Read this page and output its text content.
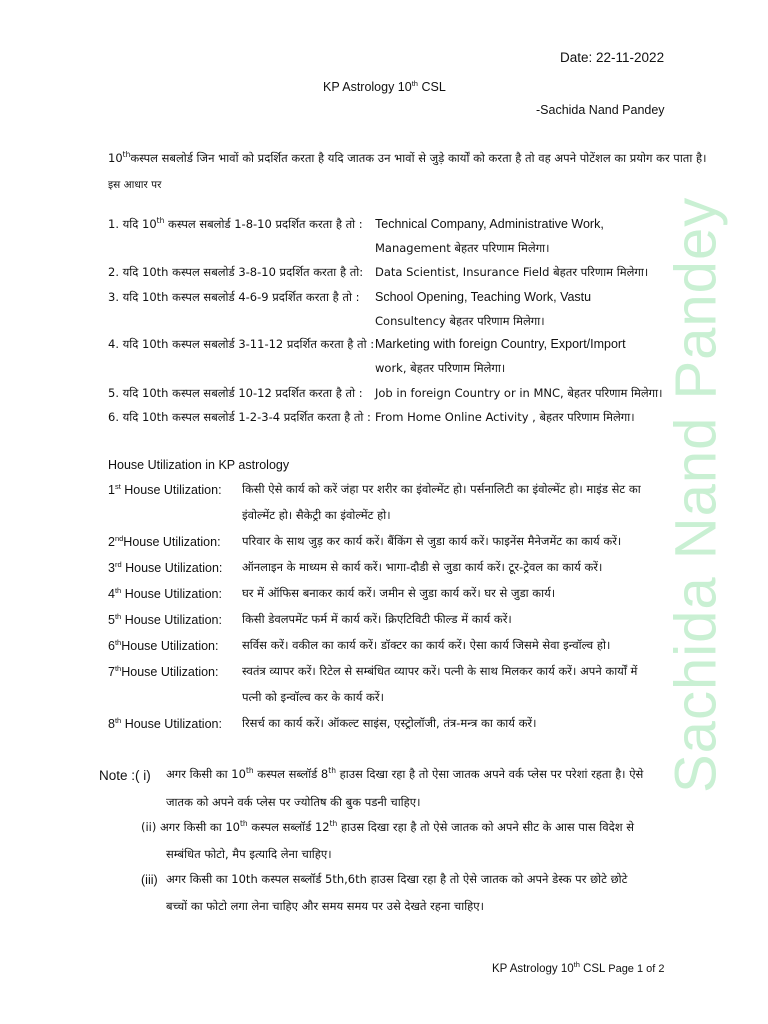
Sachida Nand Pandey
Date: 22-11-2022
KP Astrology 10th CSL
-Sachida Nand Pandey
10thकस्पल सबलोर्ड जिन भावों को प्रदर्शित करता है यदि जातक उन भावों से जुड़े कार्यों को करता है तो वह अपने पोटेंशल का प्रयोग कर पाता है।
इस आधार पर
1. यदि 10th कस्पल सबलोर्ड 1-8-10 प्रदर्शित करता है तो : Technical Company, Administrative Work,
Management बेहतर परिणाम मिलेगा।
2. यदि 10th कस्पल सबलोर्ड 3-8-10 प्रदर्शित करता है तो: Data Scientist, Insurance Field बेहतर परिणाम मिलेगा।
3. यदि 10th कस्पल सबलोर्ड 4-6-9 प्रदर्शित करता है तो : School Opening, Teaching Work, Vastu
Consultency बेहतर परिणाम मिलेगा।
4. यदि 10th कस्पल सबलोर्ड 3-11-12 प्रदर्शित करता है तो : Marketing with foreign Country, Export/Import
work, बेहतर परिणाम मिलेगा।
5. यदि 10th कस्पल सबलोर्ड 10-12 प्रदर्शित करता है तो : Job in foreign Country or in MNC, बेहतर परिणाम मिलेगा।
6. यदि 10th कस्पल सबलोर्ड 1-2-3-4 प्रदर्शित करता है तो : From Home Online Activity , बेहतर परिणाम मिलेगा।
House Utilization in KP astrology
1st House Utilization: किसी ऐसे कार्य को करें जंहा पर शरीर का इंवोल्मेंट हो। पर्सनालिटी का इंवोल्मेंट हो। माइंड सेट का
इंवोल्मेंट हो। सैकेट्री का इंवोल्मेंट हो।
2ndHouse Utilization: परिवार के साथ जुड़ कर कार्य करें। बैंकिंग से जुडा कार्य करें। फाइनेंस मैनेजमेंट का कार्य करें।
3rd House Utilization: ऑनलाइन के माध्यम से कार्य करें। भागा-दौडी से जुडा कार्य करें। टूर-ट्रेवल का कार्य करें।
4th House Utilization: घर में ऑफिस बनाकर कार्य करें। जमीन से जुडा कार्य करें। घर से जुडा कार्य।
5th House Utilization: किसी डेवलपमेंट फर्म में कार्य करें। क्रिएटिविटी फील्ड में कार्य करें।
6thHouse Utilization: सर्विस करें। वकील का कार्य करें। डॉक्टर का कार्य करें। ऐसा कार्य जिसमे सेवा इन्वॉल्व हो।
7thHouse Utilization: स्वतंत्र व्यापर करें। रिटेल से सम्बंधित व्यापर करें। पत्नी के साथ मिलकर कार्य करें। अपने कार्यों में
पत्नी को इन्वॉल्व कर के कार्य करें।
8th House Utilization: रिसर्च का कार्य करें। ऑकल्ट साइंस, एस्ट्रोलॉजी, तंत्र-मन्त्र का कार्य करें।
Note :( i) अगर किसी का 10th कस्पल सब्लॉर्ड 8th हाउस दिखा रहा है तो ऐसा जातक अपने वर्क प्लेस पर परेशां रहता है। ऐसे
जातक को अपने वर्क प्लेस पर ज्योतिष की बुक पडनी चाहिए।
(ii) अगर किसी का 10th कस्पल सब्लॉर्ड 12th हाउस दिखा रहा है तो ऐसे जातक को अपने सीट के आस पास विदेश से
सम्बंधित फोटो, मैप इत्यादि लेना चाहिए।
(iii) अगर किसी का 10th कस्पल सब्लॉर्ड 5th,6th हाउस दिखा रहा है तो ऐसे जातक को अपने डेस्क पर छोटे छोटे
बच्चों का फोटो लगा लेना चाहिए और समय समय पर उसे देखते रहना चाहिए।
KP Astrology 10th CSL Page 1 of 2
